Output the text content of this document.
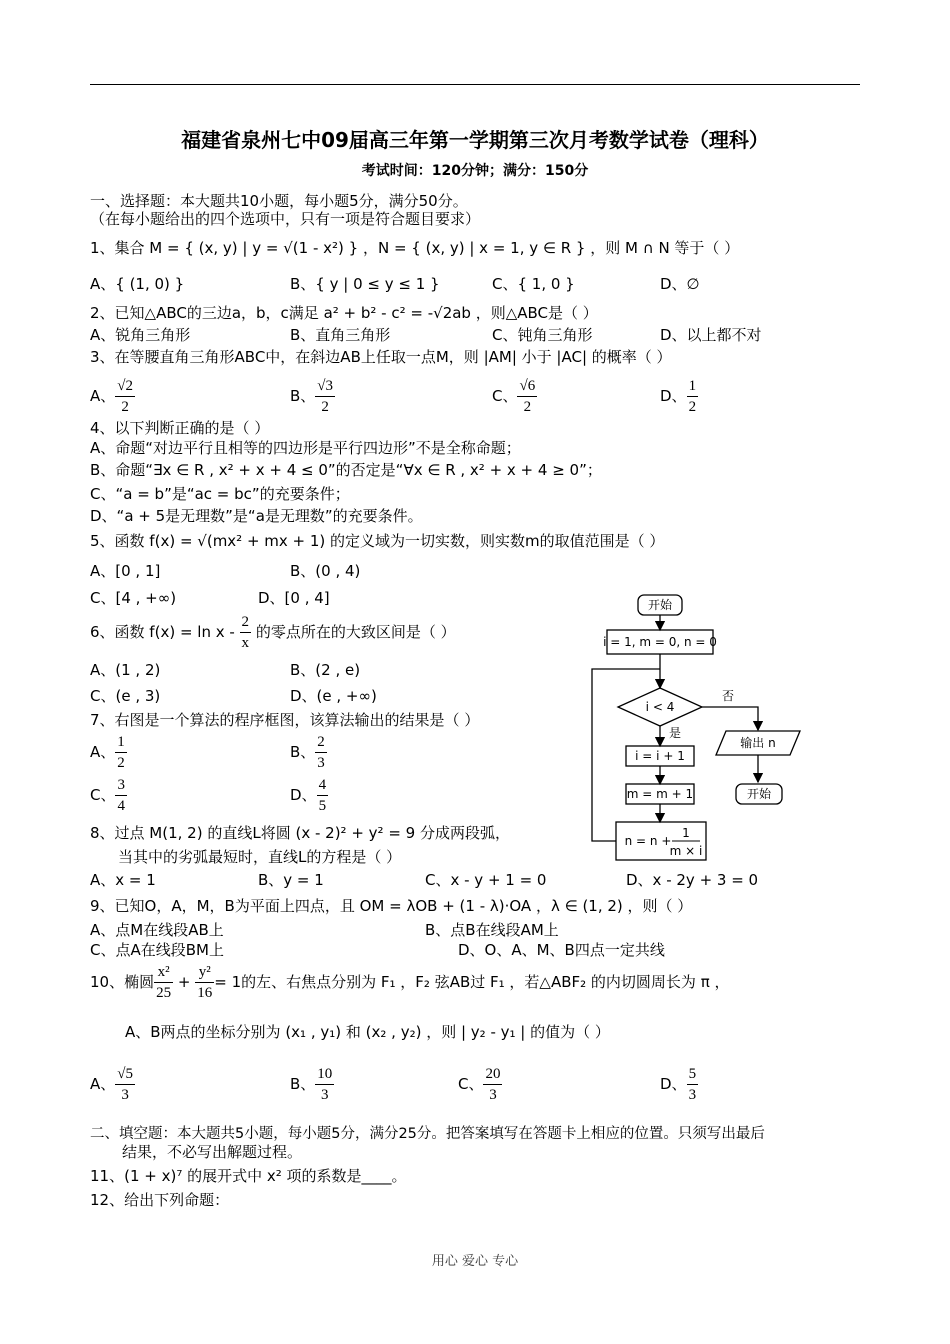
福建省泉州七中09届高三年第一学期第三次月考数学试卷（理科）
考试时间：120分钟；满分：150分
一、选择题：本大题共10小题，每小题5分，满分50分。
（在每小题给出的四个选项中，只有一项是符合题目要求）
1、集合 M = { (x, y) | y = √(1 - x²) } ，N = { (x, y) | x = 1, y ∈ R } ，则 M ∩ N 等于（ ）
A、{ (1, 0) }	B、{ y | 0 ≤ y ≤ 1 }	C、{ 1, 0 }	D、∅
2、已知△ABC的三边a，b，c满足 a² + b² - c² = -√2ab ，则△ABC是（ ）
A、锐角三角形	B、直角三角形	C、钝角三角形	D、以上都不对
3、在等腰直角三角形ABC中，在斜边AB上任取一点M，则 |AM| 小于 |AC| 的概率（ ）
A、 $\frac{√2}{2}$	B、 $\frac{√3}{2}$	C、 $\frac{√6}{2}$	D、 $\frac{1}{2}$
4、以下判断正确的是（ ）
A、命题“对边平行且相等的四边形是平行四边形”不是全称命题；
B、命题“∃x ∈ R , x² + x + 4 ≤ 0”的否定是“∀x ∈ R , x² + x + 4 ≥ 0”；
C、“a = b”是“ac = bc”的充要条件；
D、“a + 5是无理数”是“a是无理数”的充要条件。
5、函数 f(x) = √(mx² + mx + 1) 的定义域为一切实数，则实数m的取值范围是（ ）
A、[0 , 1]	B、(0 , 4)
C、[4 , +∞)	D、[0 , 4]
6、函数 $f(x) = \ln x - \frac{2}{x}$ 的零点所在的大致区间是（ ）
A、(1 , 2)	B、(2 , e)
C、(e , 3)	D、(e , +∞)
7、右图是一个算法的程序框图，该算法输出的结果是（ ）
A、 $\frac{1}{2}$	B、 $\frac{2}{3}$
C、 $\frac{3}{4}$	D、 $\frac{4}{5}$
8、过点 M(1, 2) 的直线L将圆 (x - 2)² + y² = 9 分成两段弧，
当其中的劣弧最短时，直线L的方程是（ ）
A、x = 1	B、y = 1	C、x - y + 1 = 0	D、x - 2y + 3 = 0
9、已知O，A，M，B为平面上四点，且 OM = λOB + (1 - λ)·OA ，λ ∈ (1, 2) ，则（ ）
A、点M在线段AB上	B、点B在线段AM上
C、点A在线段BM上	D、O、A、M、B四点一定共线
10、椭圆 $\frac{\text{x²}}{25} + \frac{\text{y²}}{16} = 1$的左、右焦点分别为 F₁ ，F₂ 弦AB过 F₁ ，若△ABF₂ 的内切圆周长为 π ，
A、B两点的坐标分别为 (x₁ , y₁) 和 (x₂ , y₂) ，则 | y₂ - y₁ | 的值为（ ）
A、 $\frac{√5}{3}$	B、 $\frac{10}{3}$	C、 $\frac{20}{3}$	D、 $\frac{5}{3}$
二、填空题：本大题共5小题，每小题5分，满分25分。把答案填写在答题卡上相应的位置。只须写出最后
结果，不必写出解题过程。
11、(1 + x)⁷ 的展开式中 x² 项的系数是____。
12、给出下列命题：
开始
i = 1, m = 0, n = 0
i < 4
否
是
i = i + 1
m = m + 1
n = n +
1
m × i
输出 n
开始
用心 爱心 专心
